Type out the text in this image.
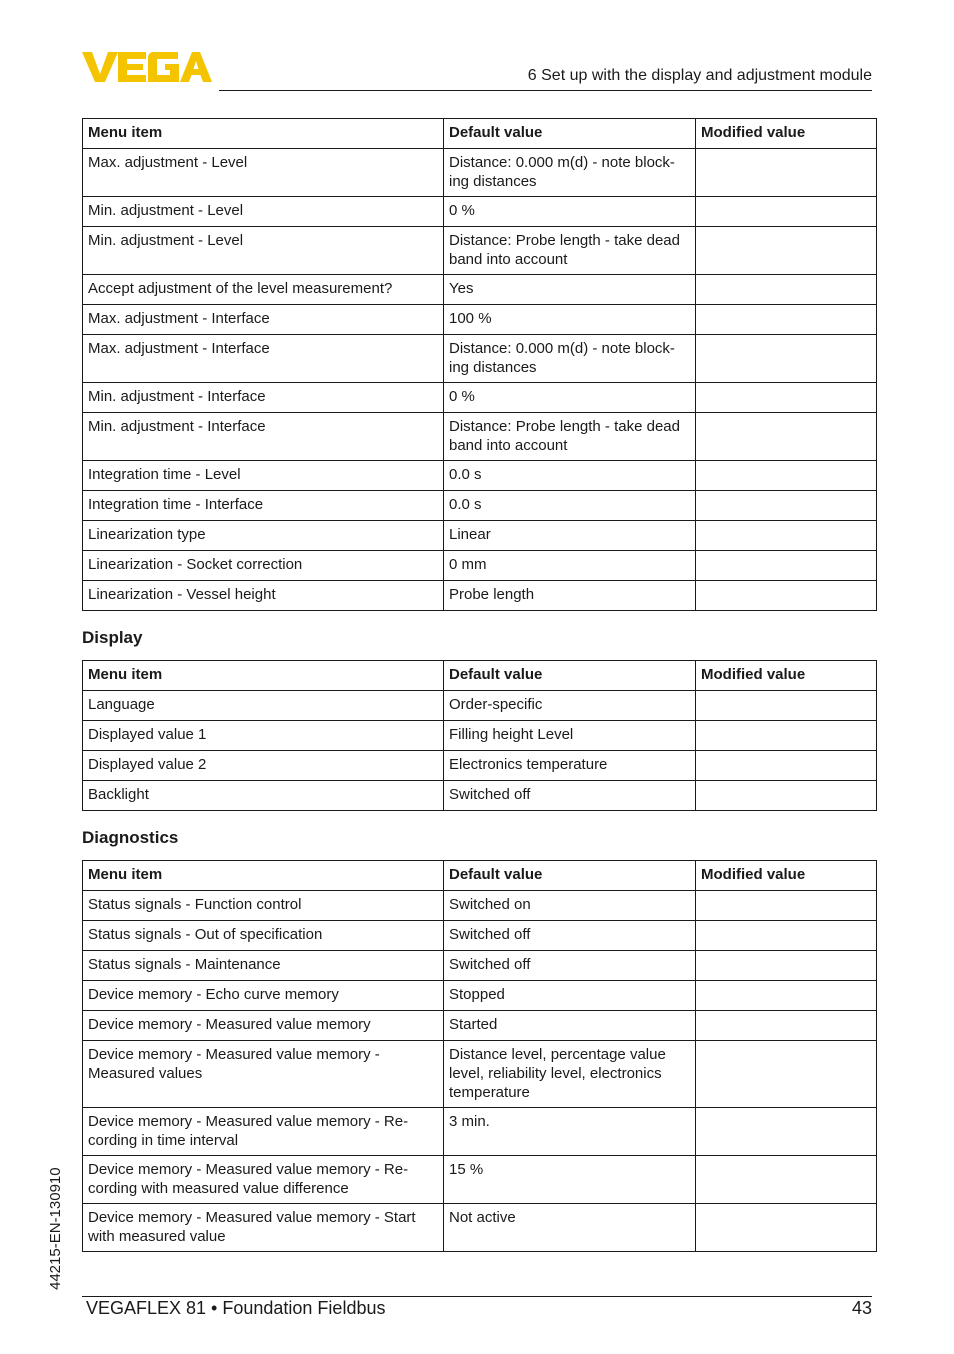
6 Set up with the display and adjustment module
Menu item	Default value	Modified value
Max. adjustment - Level	Distance: 0.000 m(d) - note block-
ing distances	
Min. adjustment - Level	0 %	
Min. adjustment - Level	Distance: Probe length - take dead
band into account	
Accept adjustment of the level measurement?	Yes	
Max. adjustment - Interface	100 %	
Max. adjustment - Interface	Distance: 0.000 m(d) - note block-
ing distances	
Min. adjustment - Interface	0 %	
Min. adjustment - Interface	Distance: Probe length - take dead
band into account	
Integration time - Level	0.0 s	
Integration time - Interface	0.0 s	
Linearization type	Linear	
Linearization - Socket correction	0 mm	
Linearization - Vessel height	Probe length	
Display
Menu item	Default value	Modified value
Language	Order-specific	
Displayed value 1	Filling height Level	
Displayed value 2	Electronics temperature	
Backlight	Switched off	
Diagnostics
Menu item	Default value	Modified value
Status signals - Function control	Switched on	
Status signals - Out of specification	Switched off	
Status signals - Maintenance	Switched off	
Device memory - Echo curve memory	Stopped	
Device memory - Measured value memory	Started	
Device memory - Measured value memory -
Measured values	Distance level, percentage value
level, reliability level, electronics
temperature	
Device memory - Measured value memory - Re-
cording in time interval	3 min.	
Device memory - Measured value memory - Re-
cording with measured value difference	15 %	
Device memory - Measured value memory - Start
with measured value	Not active	
44215-EN-130910
VEGAFLEX 81 • Foundation Fieldbus	43
